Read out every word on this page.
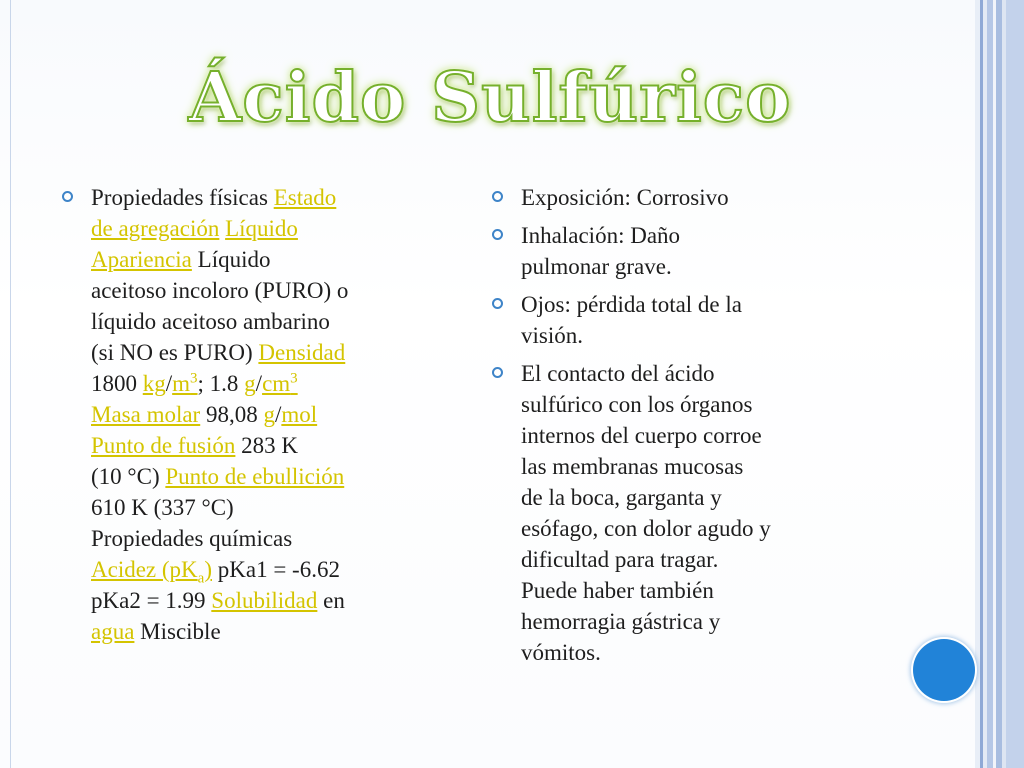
Ácido Sulfúrico
Propiedades físicas Estado
de agregación Líquido
Apariencia Líquido
aceitoso incoloro (PURO) o
líquido aceitoso ambarino
(si NO es PURO) Densidad
1800 $kg/m^3$; 1.8 $g/cm^3$
Masa molar 98,08 g/mol
Punto de fusión 283 K
(10 °C) Punto de ebullición
610 K (337 °C)
Propiedades químicas
Acidez $(pK_a) pKa1 = -6.62$
pKa2 = 1.99 Solubilidad en
agua Miscible
Exposición: Corrosivo
Inhalación: Daño
pulmonar grave.
Ojos: pérdida total de la
visión.
El contacto del ácido
sulfúrico con los órganos
internos del cuerpo corroe
las membranas mucosas
de la boca, garganta y
esófago, con dolor agudo y
dificultad para tragar.
Puede haber también
hemorragia gástrica y
vómitos.
